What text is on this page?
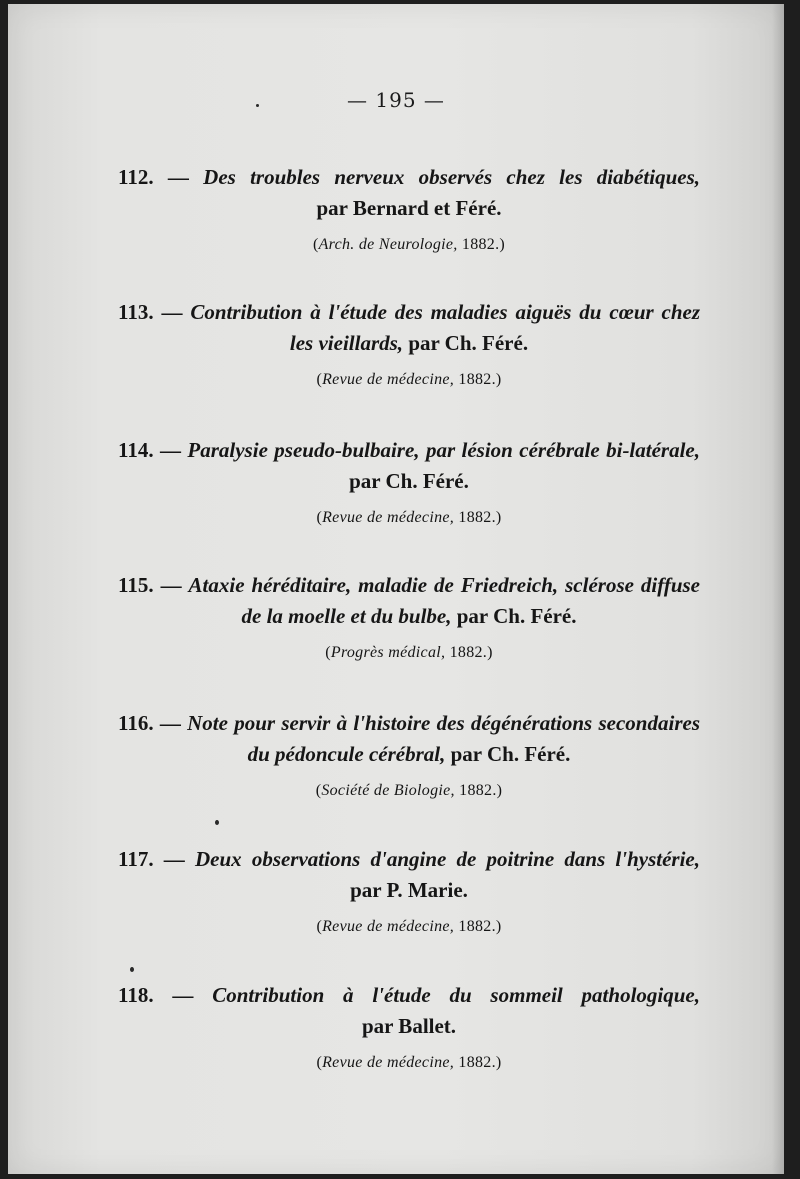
— 195 —
112. — Des troubles nerveux observés chez les diabétiques,
par Bernard et Féré.
(Arch. de Neurologie, 1882.)
113. — Contribution à l'étude des maladies aiguës du cœur chez
les vieillards, par Ch. Féré.
(Revue de médecine, 1882.)
114. — Paralysie pseudo-bulbaire, par lésion cérébrale bi-latérale,
par Ch. Féré.
(Revue de médecine, 1882.)
115. — Ataxie héréditaire, maladie de Friedreich, sclérose diffuse
de la moelle et du bulbe, par Ch. Féré.
(Progrès médical, 1882.)
116. — Note pour servir à l'histoire des dégénérations secondaires
du pédoncule cérébral, par Ch. Féré.
(Société de Biologie, 1882.)
117. — Deux observations d'angine de poitrine dans l'hystérie,
par P. Marie.
(Revue de médecine, 1882.)
118. — Contribution à l'étude du sommeil pathologique,
par Ballet.
(Revue de médecine, 1882.)
